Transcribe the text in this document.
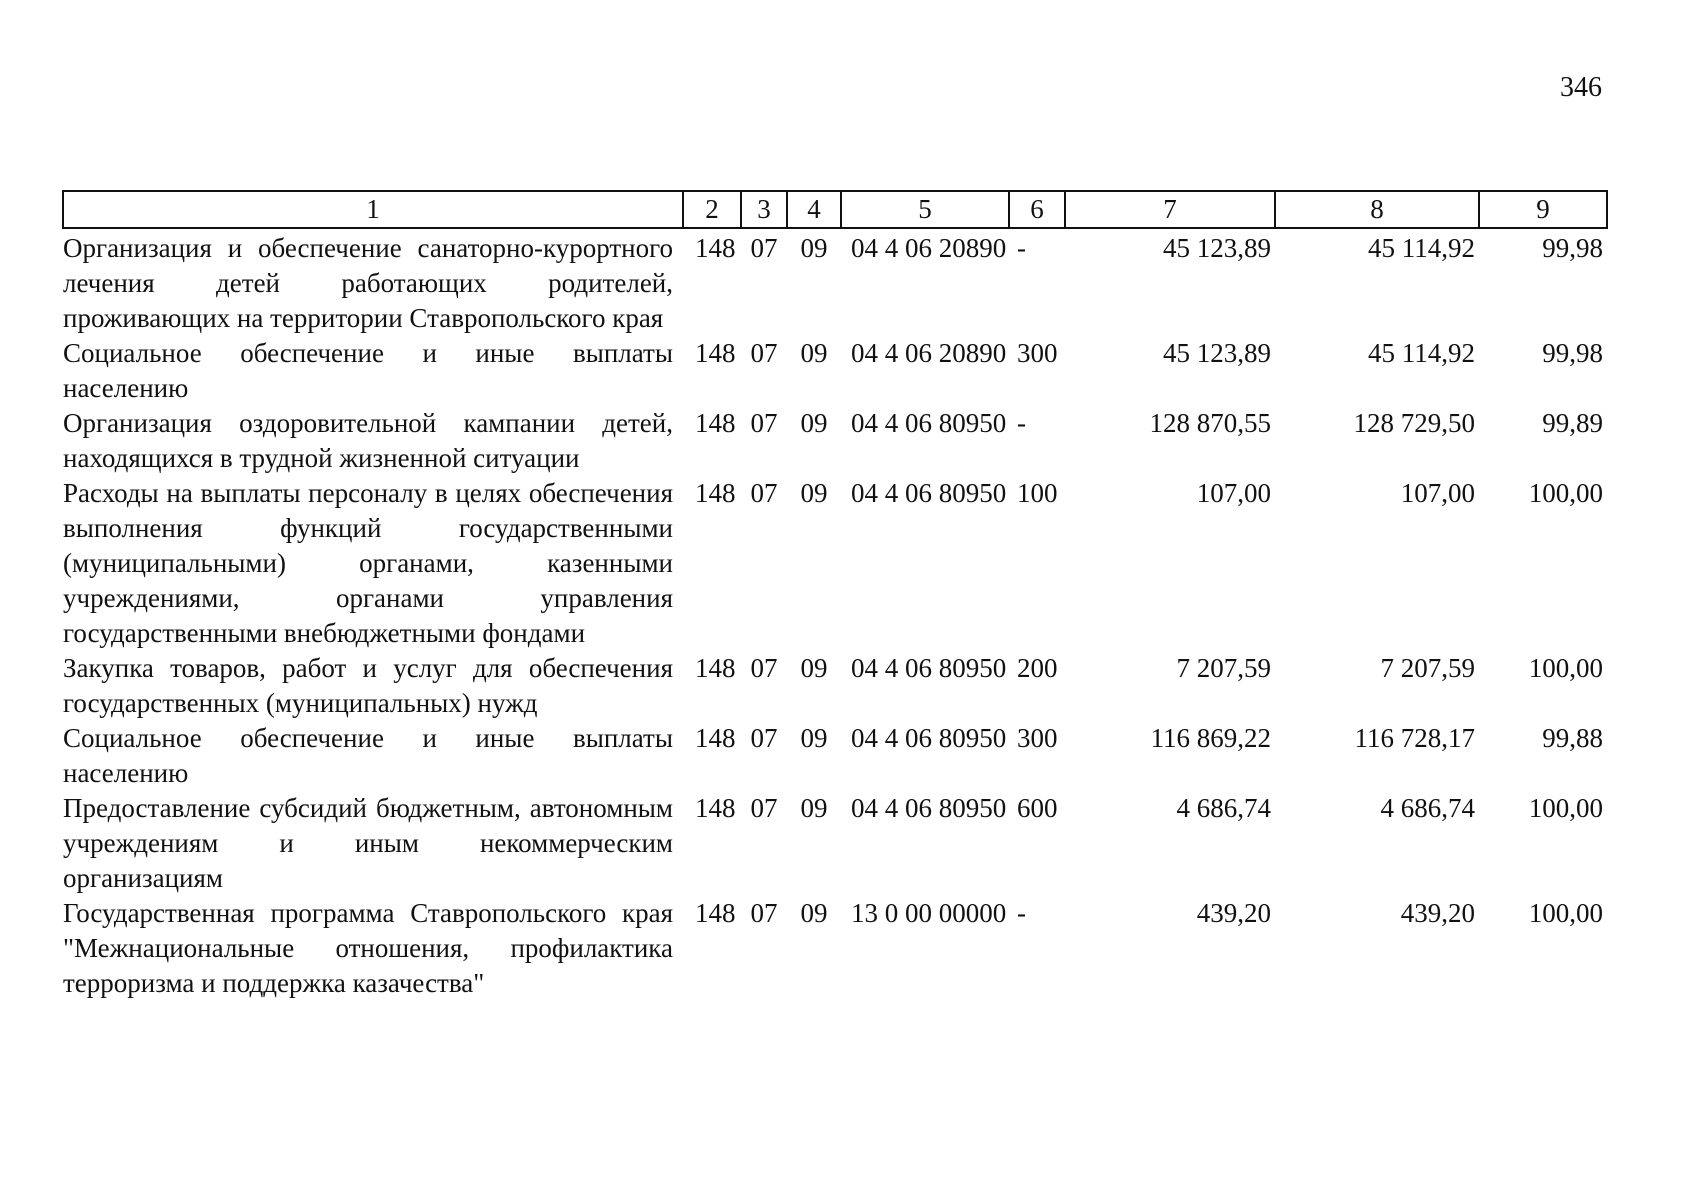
346
1	2	3	4	5	6	7	8	9
Организация и обеспечение санаторно-курортного лечения детей работающих родителей, проживающих на территории Ставропольского края	148	07	09	04 4 06 20890	-	45 123,89	45 114,92	99,98
Социальное обеспечение и иные выплаты населению	148	07	09	04 4 06 20890	300	45 123,89	45 114,92	99,98
Организация оздоровительной кампании детей, находящихся в трудной жизненной ситуации	148	07	09	04 4 06 80950	-	128 870,55	128 729,50	99,89
Расходы на выплаты персоналу в целях обеспечения выполнения функций государственными (муниципальными) органами, казенными учреждениями, органами управления государственными внебюджетными фондами	148	07	09	04 4 06 80950	100	107,00	107,00	100,00
Закупка товаров, работ и услуг для обеспечения государственных (муниципальных) нужд	148	07	09	04 4 06 80950	200	7 207,59	7 207,59	100,00
Социальное обеспечение и иные выплаты населению	148	07	09	04 4 06 80950	300	116 869,22	116 728,17	99,88
Предоставление субсидий бюджетным, автономным учреждениям и иным некоммерческим организациям	148	07	09	04 4 06 80950	600	4 686,74	4 686,74	100,00
Государственная программа Ставропольского края "Межнациональные отношения, профилактика терроризма и поддержка казачества"	148	07	09	13 0 00 00000	-	439,20	439,20	100,00
